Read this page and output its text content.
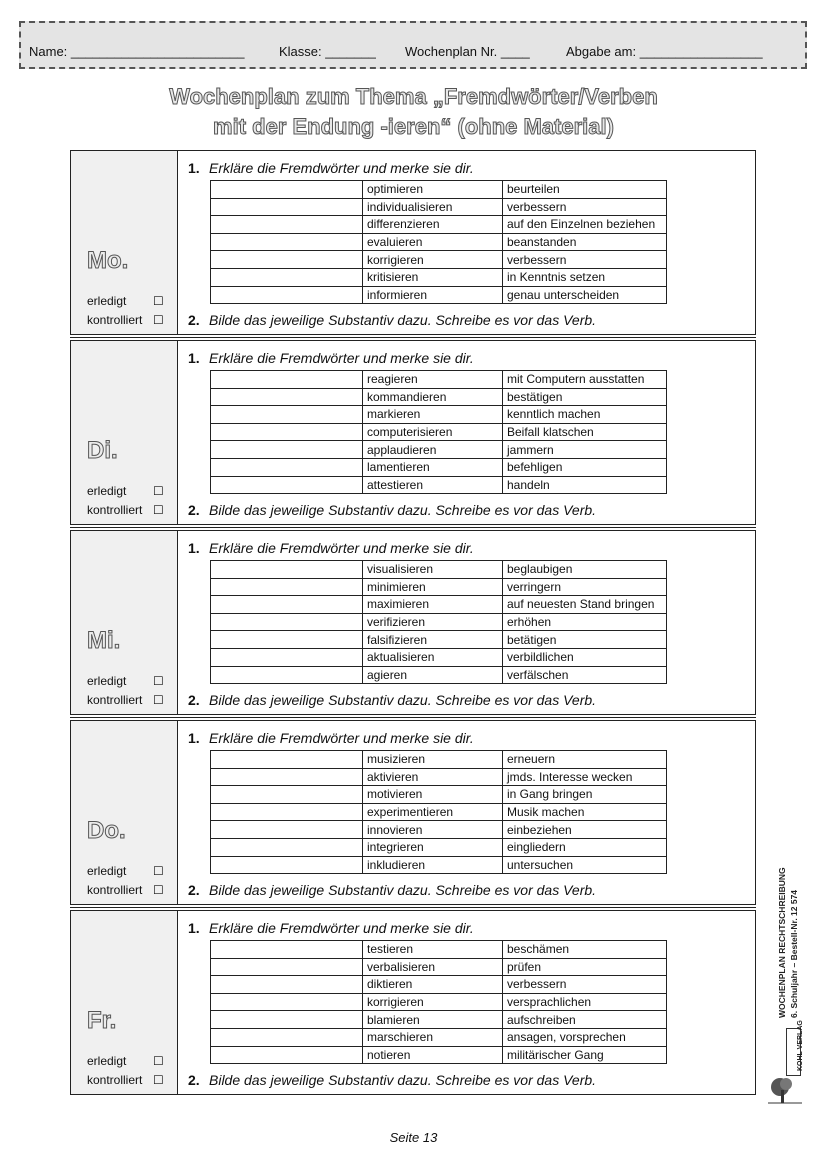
Name: ________________________	Klasse: _______ Wochenplan Nr. ____	Abgabe am: _________________
Wochenplan zum Thema „Fremdwörter/Verben
mit der Endung -ieren“ (ohne Material)
Mo.
erledigt ☐
kontrolliert ☐
1. Erkläre die Fremdwörter und merke sie dir.
	optimieren	beurteilen
	individualisieren	verbessern
	differenzieren	auf den Einzelnen beziehen
	evaluieren	beanstanden
	korrigieren	verbessern
	kritisieren	in Kenntnis setzen
	informieren	genau unterscheiden
2. Bilde das jeweilige Substantiv dazu. Schreibe es vor das Verb.
Di.
erledigt ☐
kontrolliert ☐
1. Erkläre die Fremdwörter und merke sie dir.
	reagieren	mit Computern ausstatten
	kommandieren	bestätigen
	markieren	kenntlich machen
	computerisieren	Beifall klatschen
	applaudieren	jammern
	lamentieren	befehligen
	attestieren	handeln
2. Bilde das jeweilige Substantiv dazu. Schreibe es vor das Verb.
Mi.
erledigt ☐
kontrolliert ☐
1. Erkläre die Fremdwörter und merke sie dir.
	visualisieren	beglaubigen
	minimieren	verringern
	maximieren	auf neuesten Stand bringen
	verifizieren	erhöhen
	falsifizieren	betätigen
	aktualisieren	verbildlichen
	agieren	verfälschen
2. Bilde das jeweilige Substantiv dazu. Schreibe es vor das Verb.
Do.
erledigt ☐
kontrolliert ☐
1. Erkläre die Fremdwörter und merke sie dir.
	musizieren	erneuern
	aktivieren	jmds. Interesse wecken
	motivieren	in Gang bringen
	experimentieren	Musik machen
	innovieren	einbeziehen
	integrieren	eingliedern
	inkludieren	untersuchen
2. Bilde das jeweilige Substantiv dazu. Schreibe es vor das Verb.
Fr.
erledigt ☐
kontrolliert ☐
1. Erkläre die Fremdwörter und merke sie dir.
	testieren	beschämen
	verbalisieren	prüfen
	diktieren	verbessern
	korrigieren	versprachlichen
	blamieren	aufschreiben
	marschieren	ansagen, vorsprechen
	notieren	militärischer Gang
2. Bilde das jeweilige Substantiv dazu. Schreibe es vor das Verb.
WOCHENPLAN RECHTSCHREIBUNG 6. Schuljahr – Bestell-Nr. 12 574
KOHL VERLAG
Seite 13
